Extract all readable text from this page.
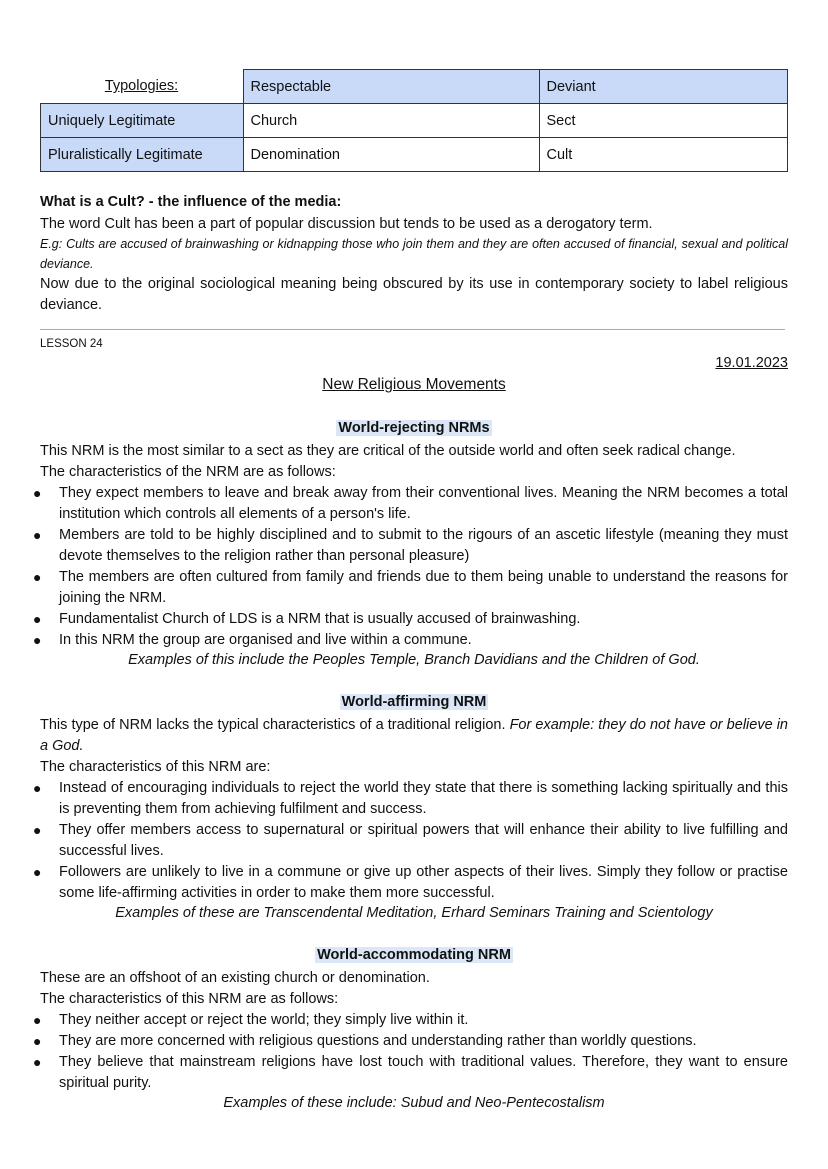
Typologies:	Respectable	Deviant
Uniquely Legitimate	Church	Sect
Pluralistically Legitimate	Denomination	Cult
What is a Cult? - the influence of the media:
The word Cult has been a part of popular discussion but tends to be used as a derogatory term.
E.g: Cults are accused of brainwashing or kidnapping those who join them and they are often accused of financial, sexual and political deviance.
Now due to the original sociological meaning being obscured by its use in contemporary society to label religious deviance.
LESSON 24
19.01.2023
New Religious Movements
World-rejecting NRMs
This NRM is the most similar to a sect as they are critical of the outside world and often seek radical change.
The characteristics of the NRM are as follows:
● They expect members to leave and break away from their conventional lives. Meaning the NRM becomes a total institution which controls all elements of a person's life.
● Members are told to be highly disciplined and to submit to the rigours of an ascetic lifestyle (meaning they must devote themselves to the religion rather than personal pleasure)
● The members are often cultured from family and friends due to them being unable to understand the reasons for joining the NRM.
● Fundamentalist Church of LDS is a NRM that is usually accused of brainwashing.
● In this NRM the group are organised and live within a commune.
Examples of this include the Peoples Temple, Branch Davidians and the Children of God.
World-affirming NRM
This type of NRM lacks the typical characteristics of a traditional religion. For example: they do not have or believe in a God.
The characteristics of this NRM are:
● Instead of encouraging individuals to reject the world they state that there is something lacking spiritually and this is preventing them from achieving fulfilment and success.
● They offer members access to supernatural or spiritual powers that will enhance their ability to live fulfilling and successful lives.
● Followers are unlikely to live in a commune or give up other aspects of their lives. Simply they follow or practise some life-affirming activities in order to make them more successful.
Examples of these are Transcendental Meditation, Erhard Seminars Training and Scientology
World-accommodating NRM
These are an offshoot of an existing church or denomination.
The characteristics of this NRM are as follows:
● They neither accept or reject the world; they simply live within it.
● They are more concerned with religious questions and understanding rather than worldly questions.
● They believe that mainstream religions have lost touch with traditional values. Therefore, they want to ensure spiritual purity.
Examples of these include: Subud and Neo-Pentecostalism
